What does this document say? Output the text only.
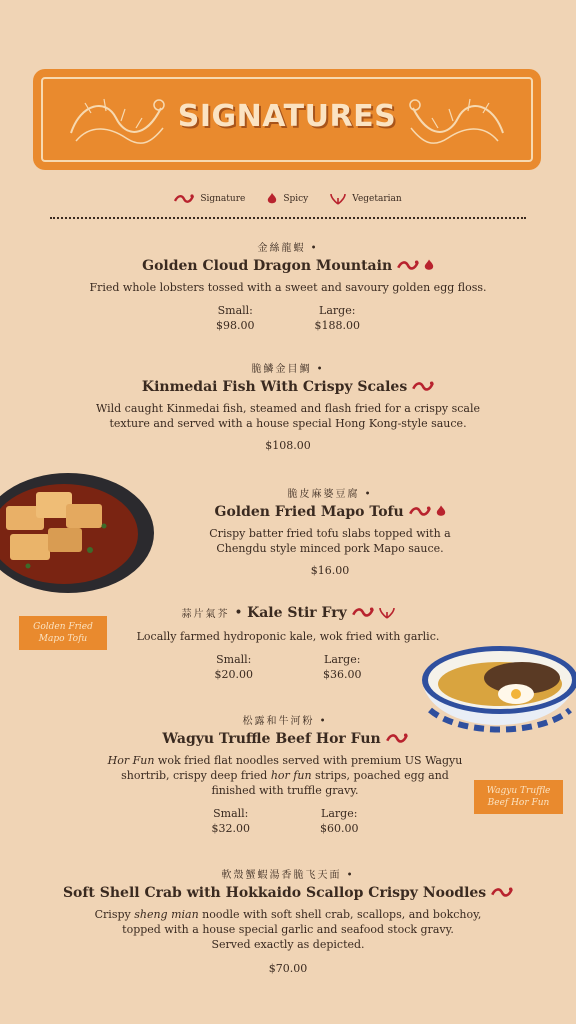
SIGNATURES
Signature	Spicy	Vegetarian
金絲龍蝦 •
Golden Cloud Dragon Mountain
Fried whole lobsters tossed with a sweet and savoury golden egg floss.
Small:
$98.00
Large:
$188.00
脆鱗金目鯛 •
Kinmedai Fish With Crispy Scales
Wild caught Kinmedai fish, steamed and flash fried for a crispy scale
texture and served with a house special Hong Kong-style sauce.
$108.00
Golden Fried
Mapo Tofu
脆皮麻婆豆腐 •
Golden Fried Mapo Tofu
Crispy batter fried tofu slabs topped with a
Chengdu style minced pork Mapo sauce.
$16.00
蒜片氣芥 • Kale Stir Fry
Locally farmed hydroponic kale, wok fried with garlic.
Small:
$20.00
Large:
$36.00
松露和牛河粉 •
Wagyu Truffle Beef Hor Fun
Hor Fun wok fried flat noodles served with premium US Wagyu
shortrib, crispy deep fried hor fun strips, poached egg and
finished with truffle gravy.
Small:
$32.00
Large:
$60.00
Wagyu Truffle
Beef Hor Fun
軟殼蟹蝦湯香脆飞天面 •
Soft Shell Crab with Hokkaido Scallop Crispy Noodles
Crispy sheng mian noodle with soft shell crab, scallops, and bokchoy,
topped with a house special garlic and seafood stock gravy.
Served exactly as depicted.
$70.00
